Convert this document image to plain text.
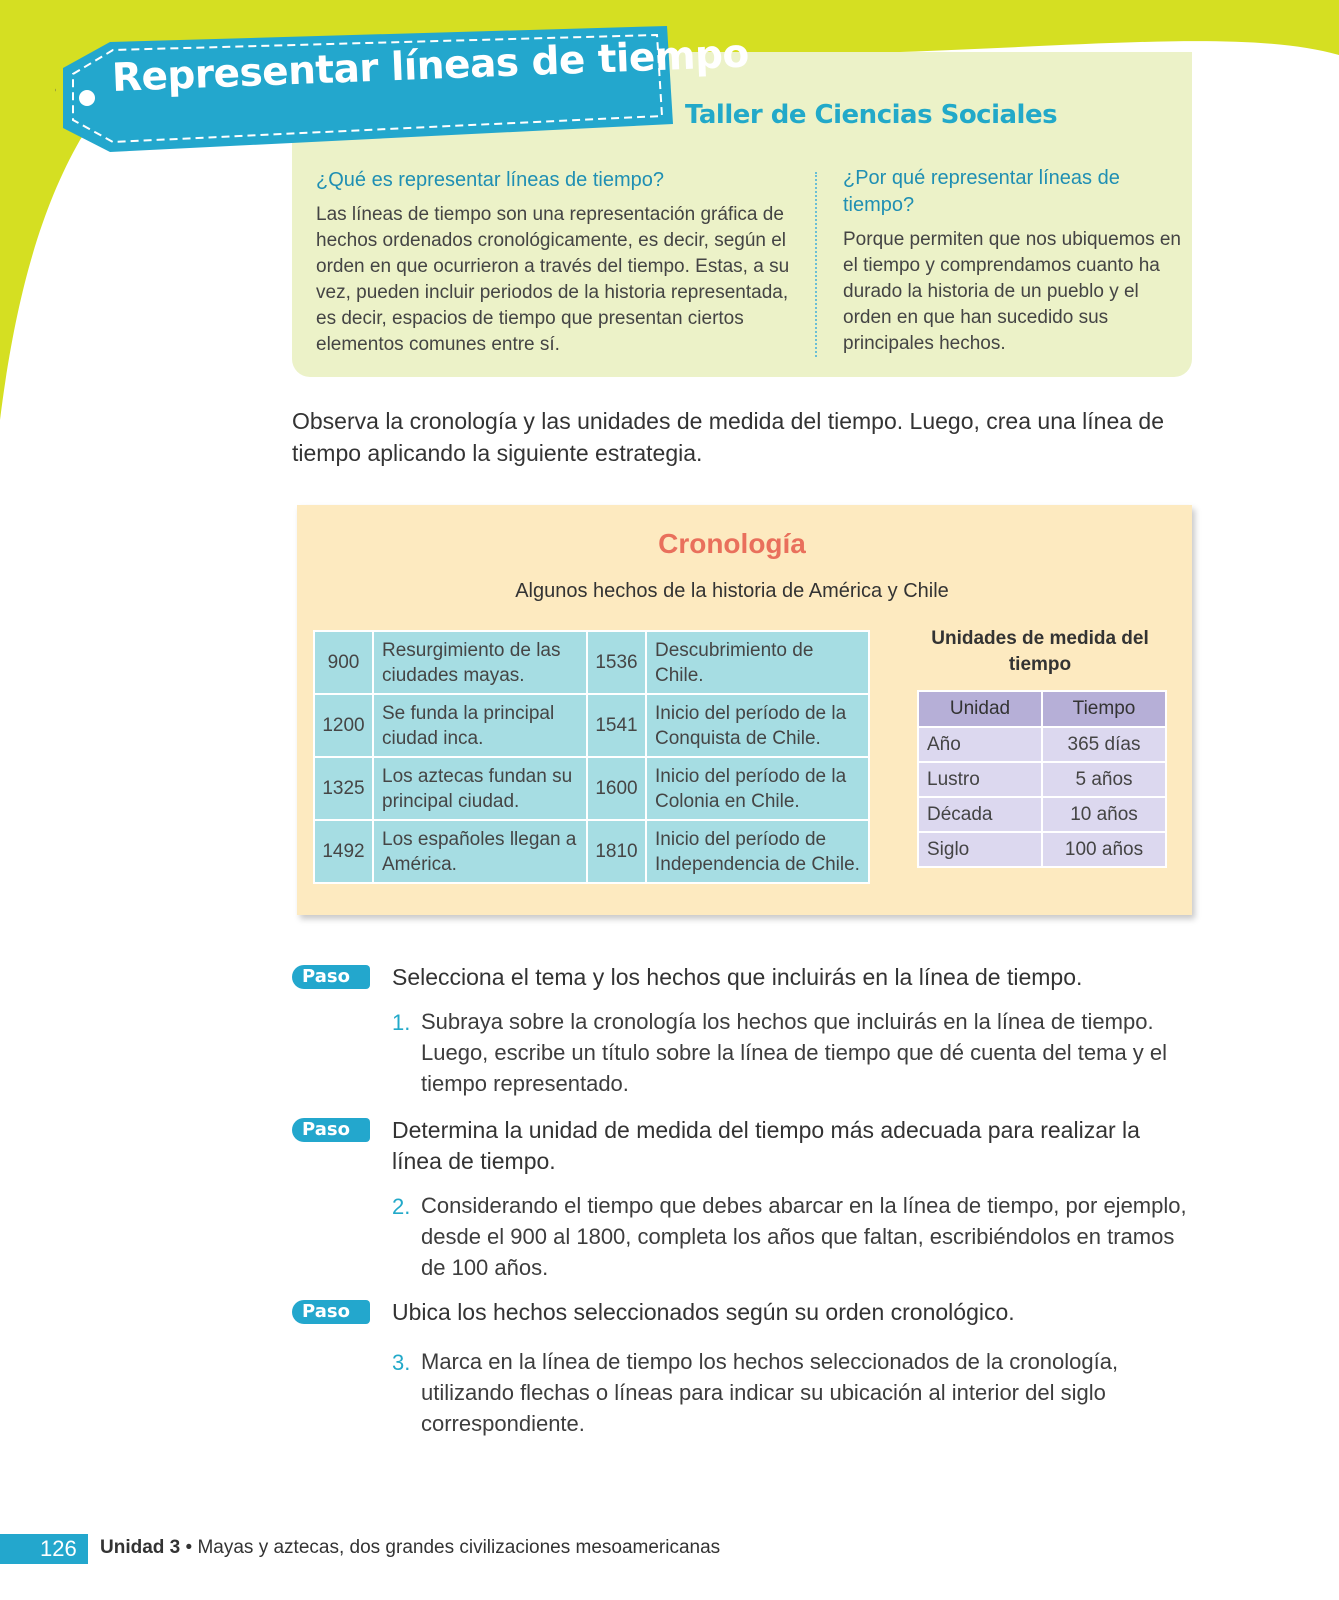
Representar líneas de tiempo
Taller de Ciencias Sociales
¿Qué es representar líneas de tiempo?
Las líneas de tiempo son una representación gráfica de hechos ordenados cronológicamente, es decir, según el orden en que ocurrieron a través del tiempo. Estas, a su vez, pueden incluir periodos de la historia representada, es decir, espacios de tiempo que presentan ciertos elementos comunes entre sí.
¿Por qué representar líneas de tiempo?
Porque permiten que nos ubiquemos en el tiempo y comprendamos cuanto ha durado la historia de un pueblo y el orden en que han sucedido sus principales hechos.
Observa la cronología y las unidades de medida del tiempo. Luego, crea una línea de tiempo aplicando la siguiente estrategia.
Cronología
Algunos hechos de la historia de América y Chile
900	Resurgimiento de las ciudades mayas.	1536	Descubrimiento de Chile.
1200	Se funda la principal ciudad inca.	1541	Inicio del período de la Conquista de Chile.
1325	Los aztecas fundan su principal ciudad.	1600	Inicio del período de la Colonia en Chile.
1492	Los españoles llegan a América.	1810	Inicio del período de Independencia de Chile.
Unidades de medida del tiempo
Unidad	Tiempo
Año	365 días
Lustro	5 años
Década	10 años
Siglo	100 años
Paso 1
Selecciona el tema y los hechos que incluirás en la línea de tiempo.
1. Subraya sobre la cronología los hechos que incluirás en la línea de tiempo. Luego, escribe un título sobre la línea de tiempo que dé cuenta del tema y el tiempo representado.
Paso 2
Determina la unidad de medida del tiempo más adecuada para realizar la línea de tiempo.
2. Considerando el tiempo que debes abarcar en la línea de tiempo, por ejemplo, desde el 900 al 1800, completa los años que faltan, escribiéndolos en tramos de 100 años.
Paso 3
Ubica los hechos seleccionados según su orden cronológico.
3. Marca en la línea de tiempo los hechos seleccionados de la cronología, utilizando flechas o líneas para indicar su ubicación al interior del siglo correspondiente.
126 Unidad 3 • Mayas y aztecas, dos grandes civilizaciones mesoamericanas
